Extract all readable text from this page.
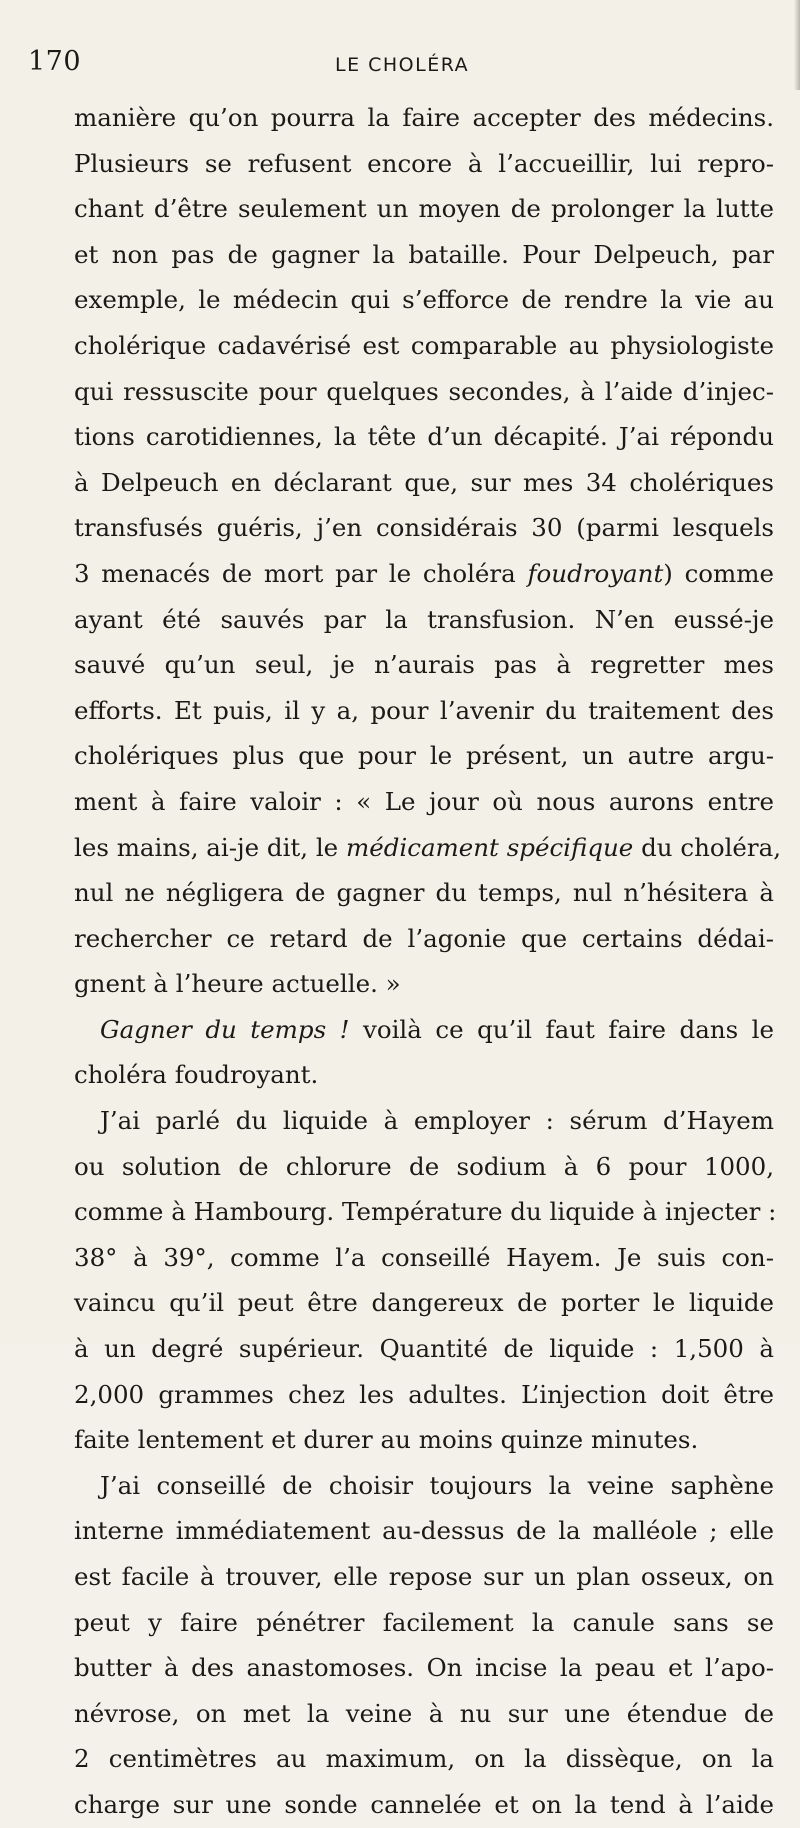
170	LE CHOLÉRA
manière qu’on pourra la faire accepter des médecins.
Plusieurs se refusent encore à l’accueillir, lui repro-
chant d’être seulement un moyen de prolonger la lutte
et non pas de gagner la bataille. Pour Delpeuch, par
exemple, le médecin qui s’efforce de rendre la vie au
cholérique cadavérisé est comparable au physiologiste
qui ressuscite pour quelques secondes, à l’aide d’injec-
tions carotidiennes, la tête d’un décapité. J’ai répondu
à Delpeuch en déclarant que, sur mes 34 cholériques
transfusés guéris, j’en considérais 30 (parmi lesquels
3 menacés de mort par le choléra foudroyant) comme
ayant été sauvés par la transfusion. N’en eussé-je
sauvé qu’un seul, je n’aurais pas à regretter mes
efforts. Et puis, il y a, pour l’avenir du traitement des
cholériques plus que pour le présent, un autre argu-
ment à faire valoir : « Le jour où nous aurons entre
les mains, ai-je dit, le médicament spécifique du choléra,
nul ne négligera de gagner du temps, nul n’hésitera à
rechercher ce retard de l’agonie que certains dédai-
gnent à l’heure actuelle. »
Gagner du temps ! voilà ce qu’il faut faire dans le
choléra foudroyant.
J’ai parlé du liquide à employer : sérum d’Hayem
ou solution de chlorure de sodium à 6 pour 1000,
comme à Hambourg. Température du liquide à injecter :
38° à 39°, comme l’a conseillé Hayem. Je suis con-
vaincu qu’il peut être dangereux de porter le liquide
à un degré supérieur. Quantité de liquide : 1,500 à
2,000 grammes chez les adultes. L’injection doit être
faite lentement et durer au moins quinze minutes.
J’ai conseillé de choisir toujours la veine saphène
interne immédiatement au-dessus de la malléole ; elle
est facile à trouver, elle repose sur un plan osseux, on
peut y faire pénétrer facilement la canule sans se
butter à des anastomoses. On incise la peau et l’apo-
névrose, on met la veine à nu sur une étendue de
2 centimètres au maximum, on la dissèque, on la
charge sur une sonde cannelée et on la tend à l’aide
